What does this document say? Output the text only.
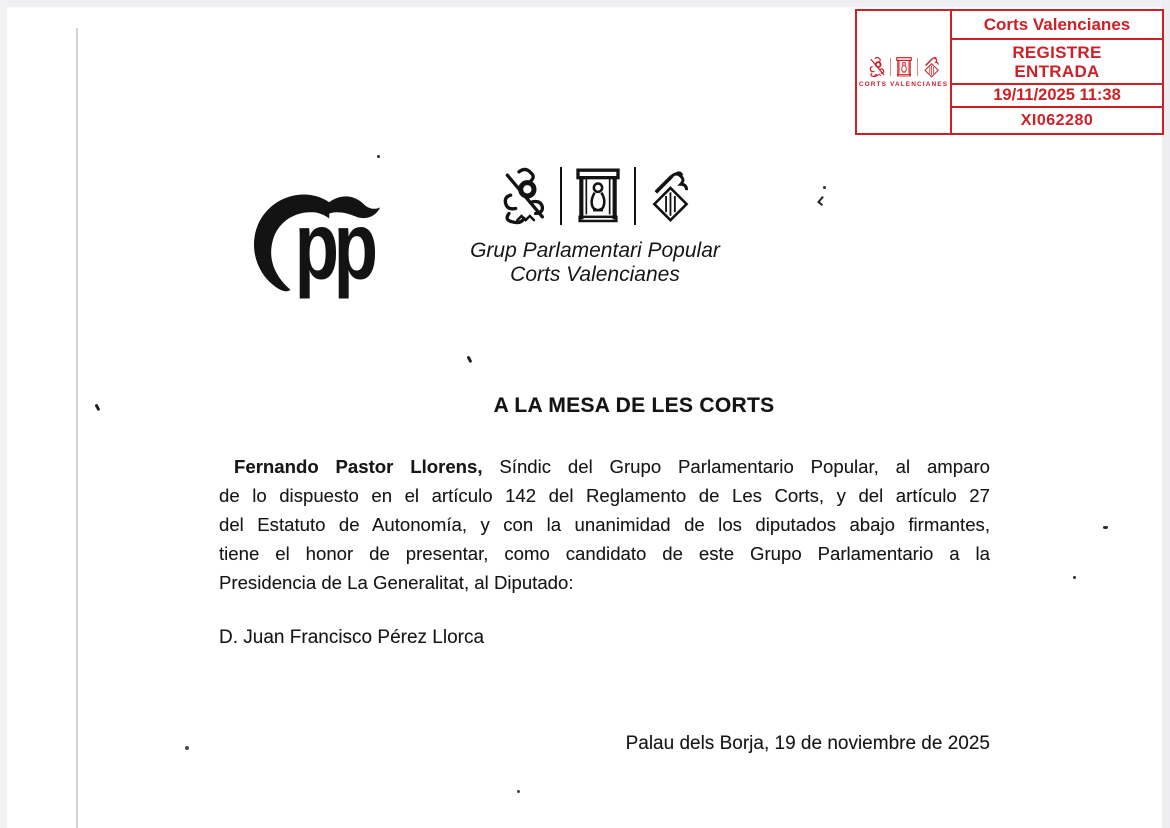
CORTS VALENCIANES
Corts Valencianes
REGISTRE
ENTRADA
19/11/2025 11:38
XI062280
pp	Grup Parlamentari Popular
Corts Valencianes
A LA MESA DE LES CORTS
Fernando Pastor Llorens, Síndic del Grupo Parlamentario Popular, al amparo
de lo dispuesto en el artículo 142 del Reglamento de Les Corts, y del artículo 27
del Estatuto de Autonomía, y con la unanimidad de los diputados abajo firmantes,
tiene el honor de presentar, como candidato de este Grupo Parlamentario a la
Presidencia de La Generalitat, al Diputado:
D. Juan Francisco Pérez Llorca
Palau dels Borja, 19 de noviembre de 2025
